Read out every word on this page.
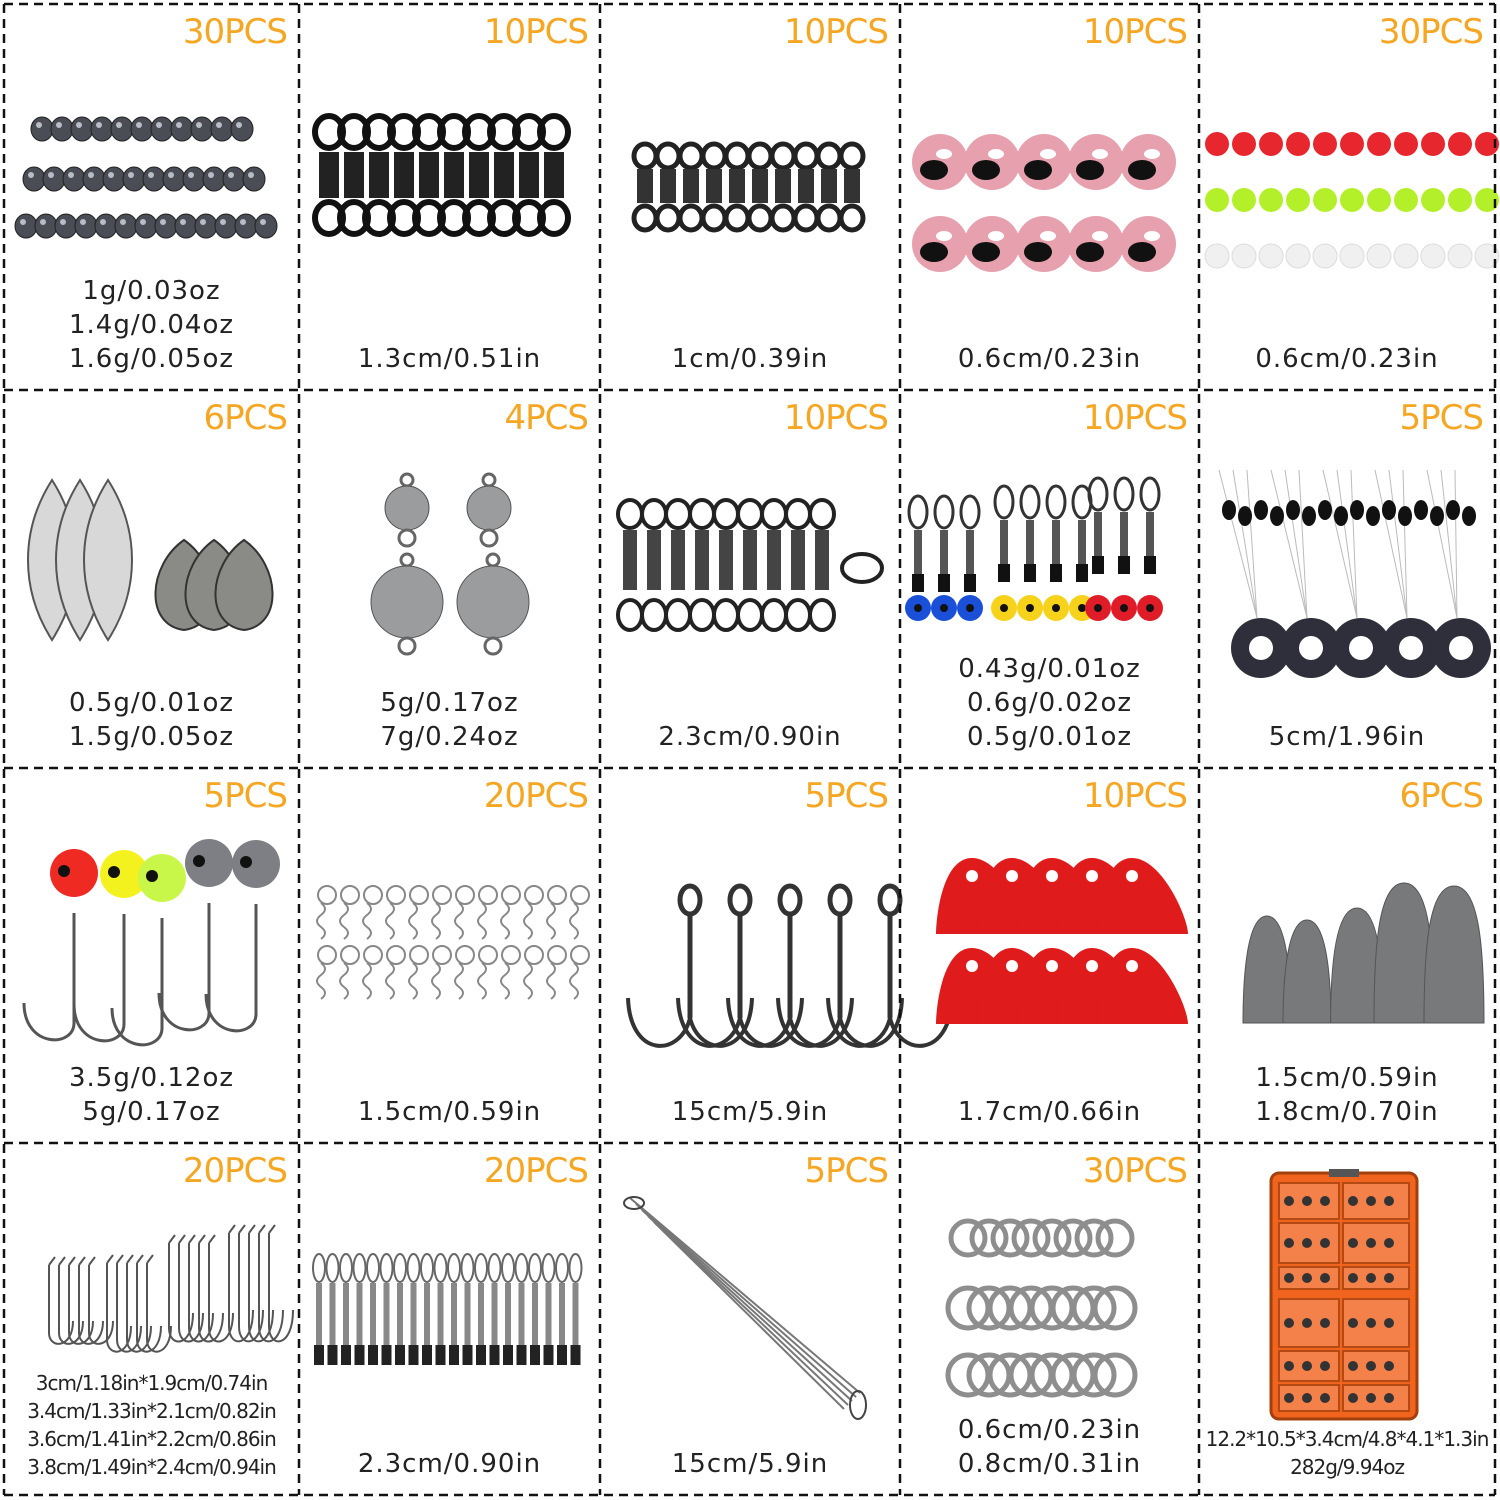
30PCS
1g/0.03oz
1.4g/0.04oz
1.6g/0.05oz
10PCS
1.3cm/0.51in
10PCS
1cm/0.39in
10PCS
0.6cm/0.23in
30PCS
0.6cm/0.23in
6PCS
0.5g/0.01oz
1.5g/0.05oz
4PCS
5g/0.17oz
7g/0.24oz
10PCS
2.3cm/0.90in
10PCS
0.43g/0.01oz
0.6g/0.02oz
0.5g/0.01oz
5PCS
5cm/1.96in
5PCS
3.5g/0.12oz
5g/0.17oz
20PCS
1.5cm/0.59in
5PCS
15cm/5.9in
10PCS
1.7cm/0.66in
6PCS
1.5cm/0.59in
1.8cm/0.70in
20PCS
3cm/1.18in*1.9cm/0.74in
3.4cm/1.33in*2.1cm/0.82in
3.6cm/1.41in*2.2cm/0.86in
3.8cm/1.49in*2.4cm/0.94in
20PCS
2.3cm/0.90in
5PCS
15cm/5.9in
30PCS
0.6cm/0.23in
0.8cm/0.31in
12.2*10.5*3.4cm/4.8*4.1*1.3in
282g/9.94oz
